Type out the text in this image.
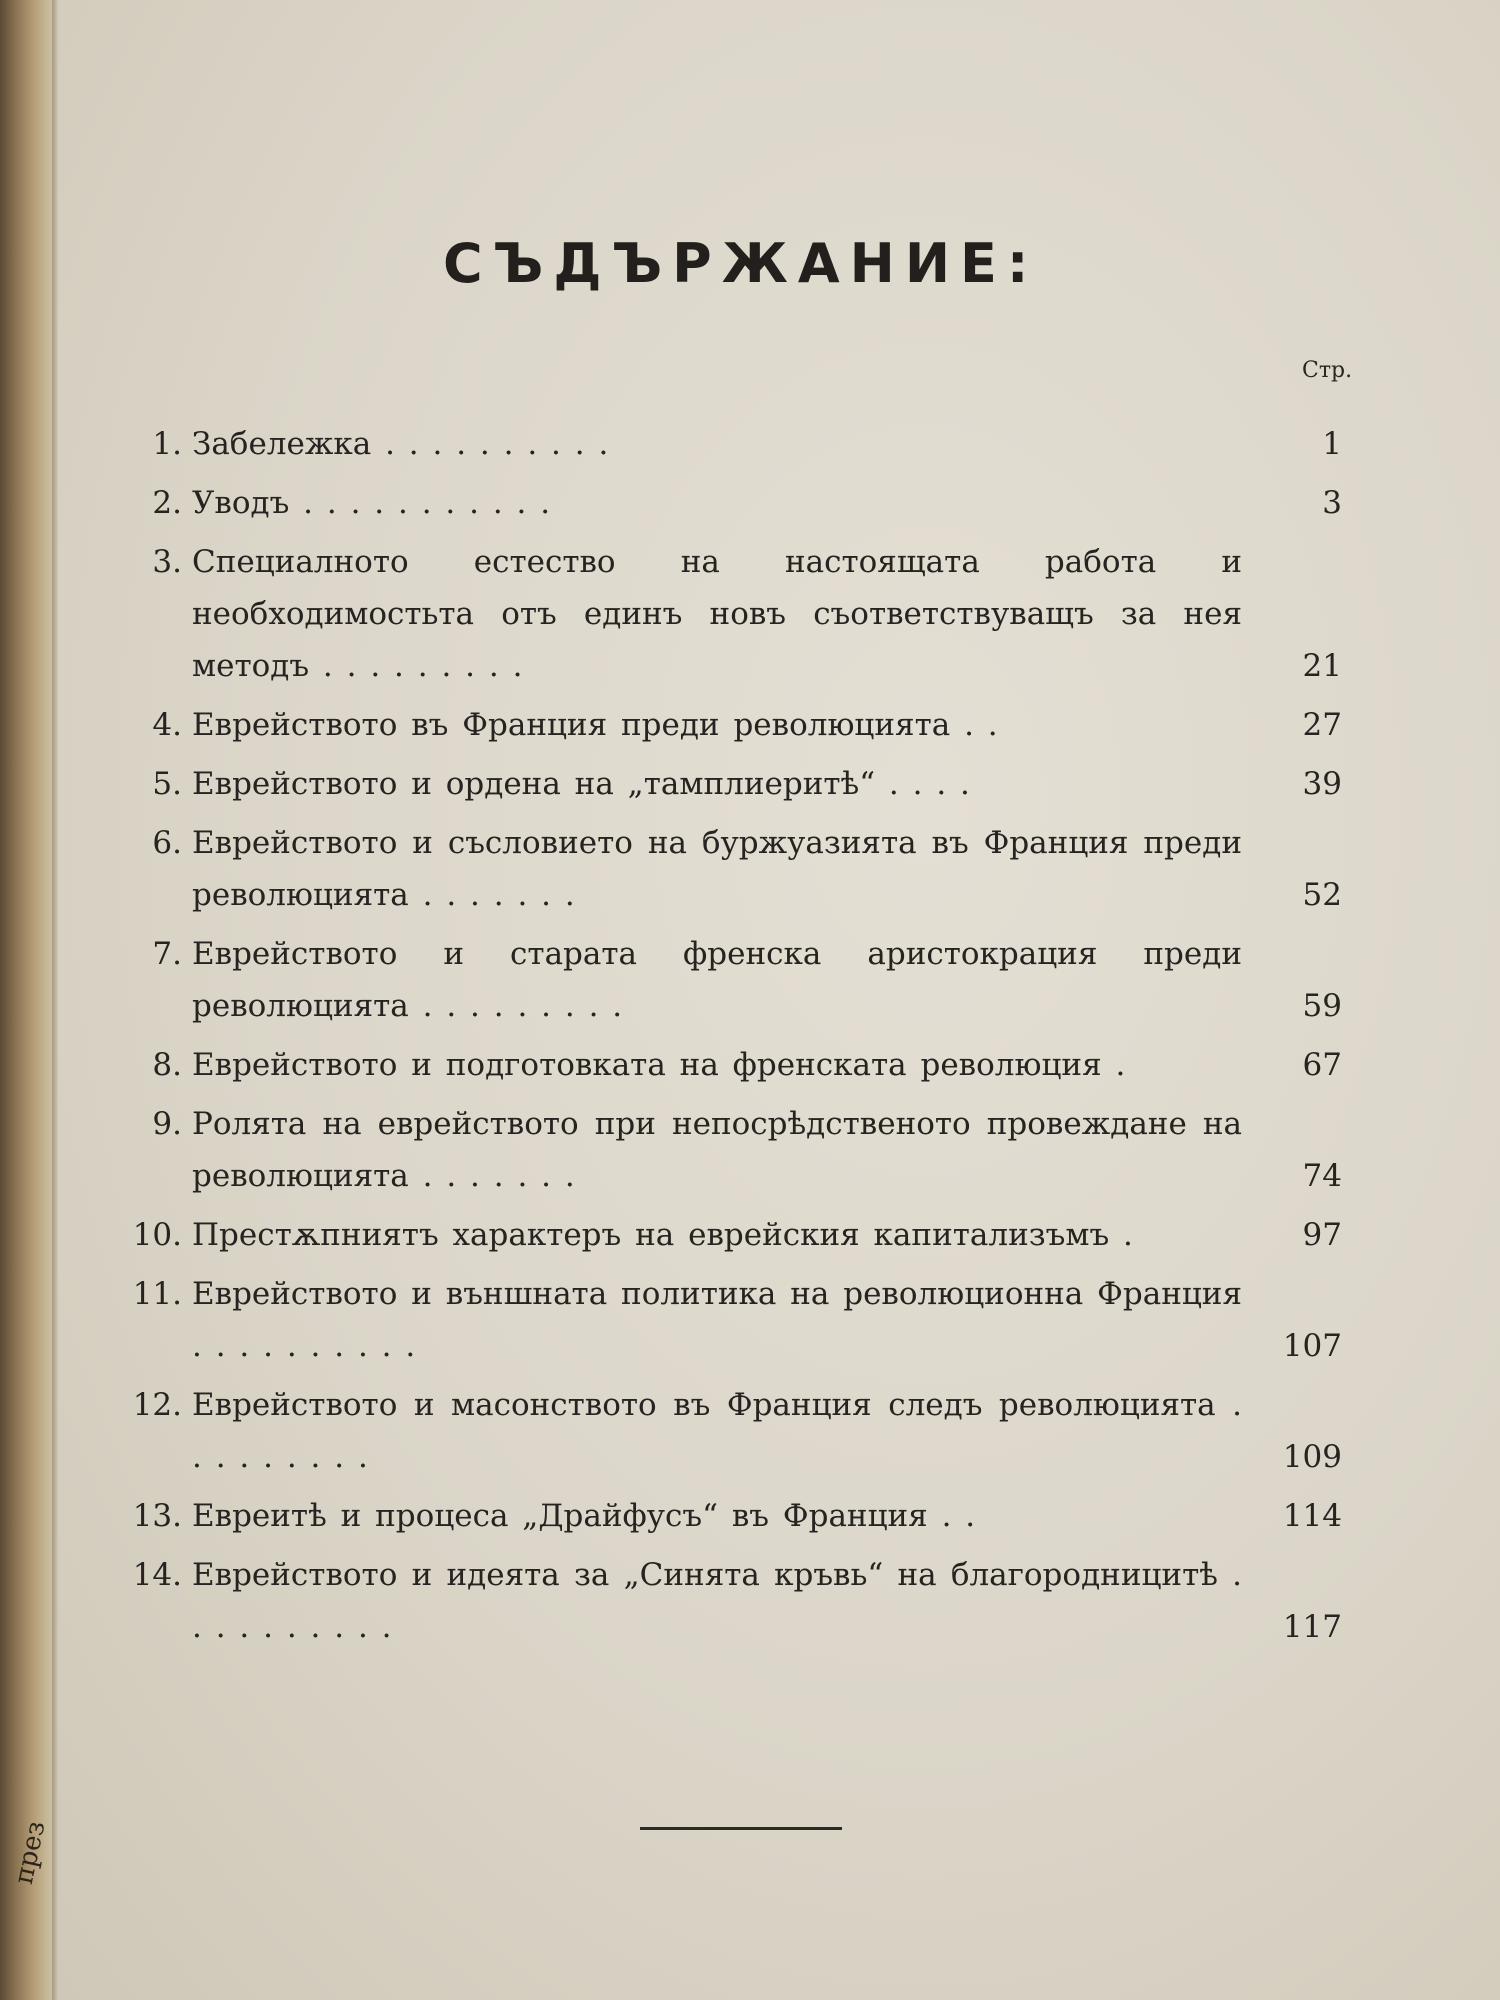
през
СЪДЪРЖАНИЕ:
Стр.
1. Забележка . . . . . . . . . .	1
2. Уводъ . . . . . . . . . . .	3
3. Специалното естество на настоящата работа и необходимостьта отъ единъ новъ съответствуващъ за нея методъ . . . . . . . . .	21
4. Еврейството въ Франция преди революцията . .	27
5. Еврейството и ордена на „тамплиеритѣ“ . . . .	39
6. Еврейството и съсловието на буржуазията въ Франция преди революцията . . . . . . .	52
7. Еврейството и старата френска аристокрация преди революцията . . . . . . . . .	59
8. Еврейството и подготовката на френската революция .	67
9. Ролята на еврейството при непосрѣдственото провеждане на революцията . . . . . . .	74
10. Престѫпниятъ характеръ на еврейския капитализъмъ .	97
11. Еврейството и външната политика на революционна Франция . . . . . . . . . .	107
12. Еврейството и масонството въ Франция следъ революцията . . . . . . . . .	109
13. Евреитѣ и процеса „Драйфусъ“ въ Франция . .	114
14. Еврейството и идеята за „Синята кръвь“ на благородницитѣ . . . . . . . . . .	117
